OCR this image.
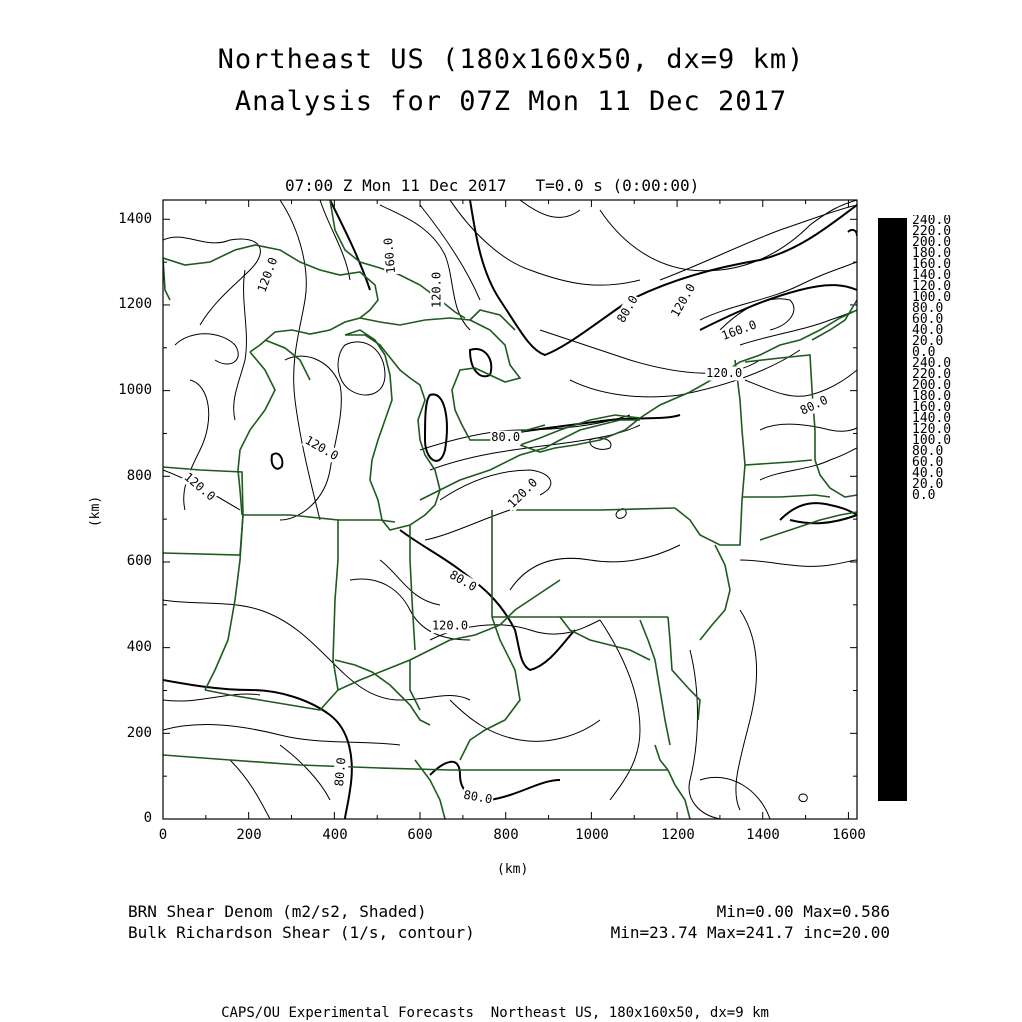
Northeast US (180x160x50, dx=9 km)
Analysis for 07Z Mon 11 Dec 2017
07:00 Z Mon 11 Dec 2017   T=0.0 s (0:00:00)
0
200
400
600
800
1000
1200
1400
0	200	400	600	800	1000	1200	1400	1600
(km)
(km)
120.0	160.0
120.0
80.0 120.0
160.0
120.0
80.0
80.0
120.0
120.0	120.0
80.0
120.0
80.0
80.0
240.0 220.0 200.0 180.0 160.0 140.0 120.0 100.0 80.0 60.0 40.0 20.0 0.0 240.0 220.0 200.0 180.0 160.0 140.0 120.0 100.0 80.0 60.0 40.0 20.0 0.0
BRN Shear Denom (m2/s2, Shaded)
Bulk Richardson Shear (1/s, contour)
Min=0.00 Max=0.586
Min=23.74 Max=241.7 inc=20.00
CAPS/OU Experimental Forecasts  Northeast US, 180x160x50, dx=9 km
